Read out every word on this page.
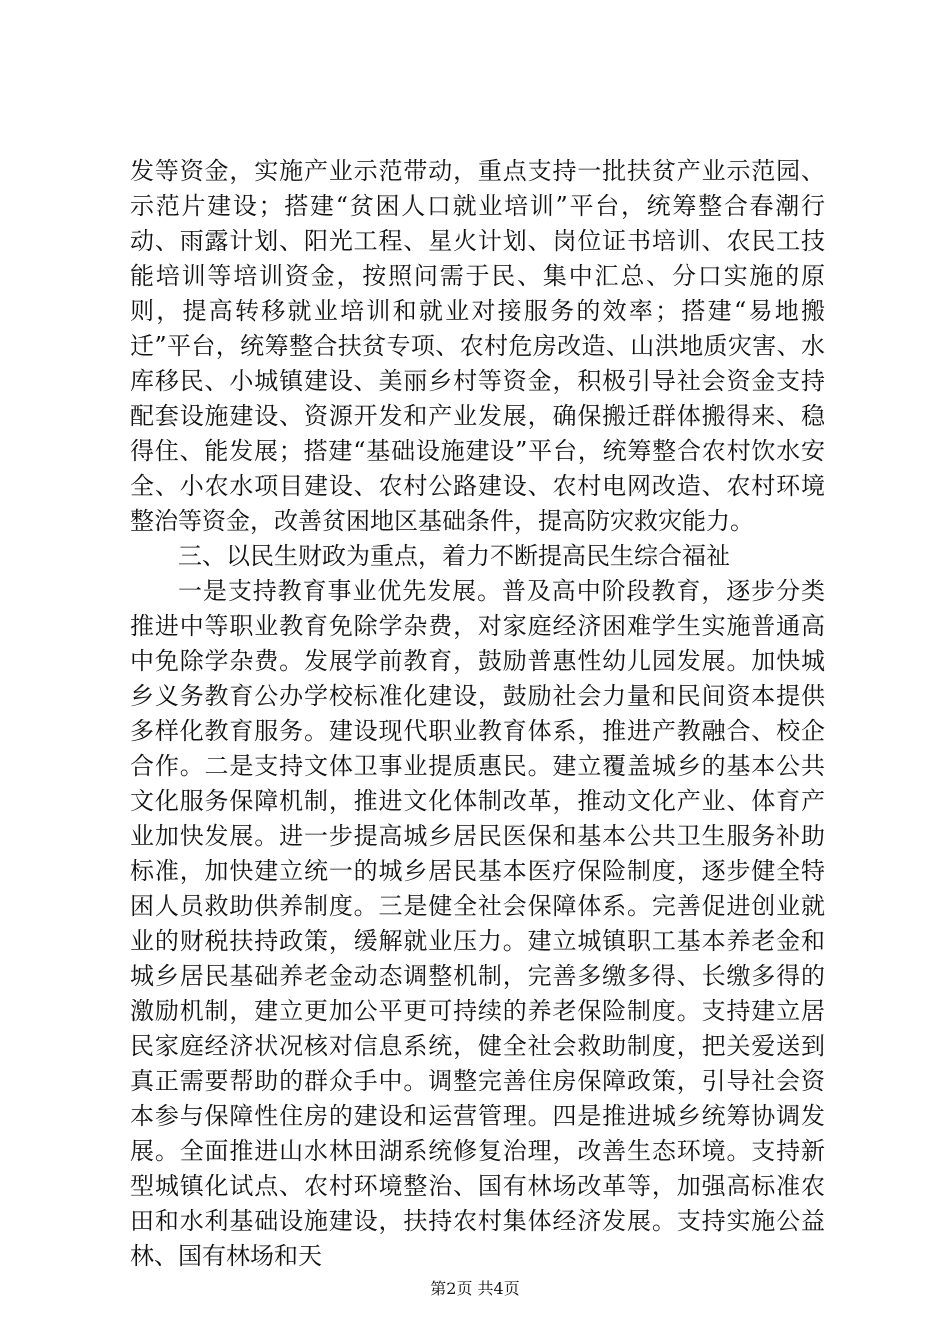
发等资金，实施产业示范带动，重点支持一批扶贫产业示范园、示范片建设；搭建“贫困人口就业培训”平台，统筹整合春潮行动、雨露计划、阳光工程、星火计划、岗位证书培训、农民工技能培训等培训资金，按照问需于民、集中汇总、分口实施的原则，提高转移就业培训和就业对接服务的效率；搭建“易地搬迁”平台，统筹整合扶贫专项、农村危房改造、山洪地质灾害、水库移民、小城镇建设、美丽乡村等资金，积极引导社会资金支持配套设施建设、资源开发和产业发展，确保搬迁群体搬得来、稳得住、能发展；搭建“基础设施建设”平台，统筹整合农村饮水安全、小农水项目建设、农村公路建设、农村电网改造、农村环境整治等资金，改善贫困地区基础条件，提高防灾救灾能力。

三、以民生财政为重点，着力不断提高民生综合福祉

一是支持教育事业优先发展。普及高中阶段教育，逐步分类推进中等职业教育免除学杂费，对家庭经济困难学生实施普通高中免除学杂费。发展学前教育，鼓励普惠性幼儿园发展。加快城乡义务教育公办学校标准化建设，鼓励社会力量和民间资本提供多样化教育服务。建设现代职业教育体系，推进产教融合、校企合作。二是支持文体卫事业提质惠民。建立覆盖城乡的基本公共文化服务保障机制，推进文化体制改革，推动文化产业、体育产业加快发展。进一步提高城乡居民医保和基本公共卫生服务补助标准，加快建立统一的城乡居民基本医疗保险制度，逐步健全特困人员救助供养制度。三是健全社会保障体系。完善促进创业就业的财税扶持政策，缓解就业压力。建立城镇职工基本养老金和城乡居民基础养老金动态调整机制，完善多缴多得、长缴多得的激励机制，建立更加公平更可持续的养老保险制度。支持建立居民家庭经济状况核对信息系统，健全社会救助制度，把关爱送到真正需要帮助的群众手中。调整完善住房保障政策，引导社会资本参与保障性住房的建设和运营管理。四是推进城乡统筹协调发展。全面推进山水林田湖系统修复治理，改善生态环境。支持新型城镇化试点、农村环境整治、国有林场改革等，加强高标准农田和水利基础设施建设，扶持农村集体经济发展。支持实施公益林、国有林场和天

第2页 共4页
